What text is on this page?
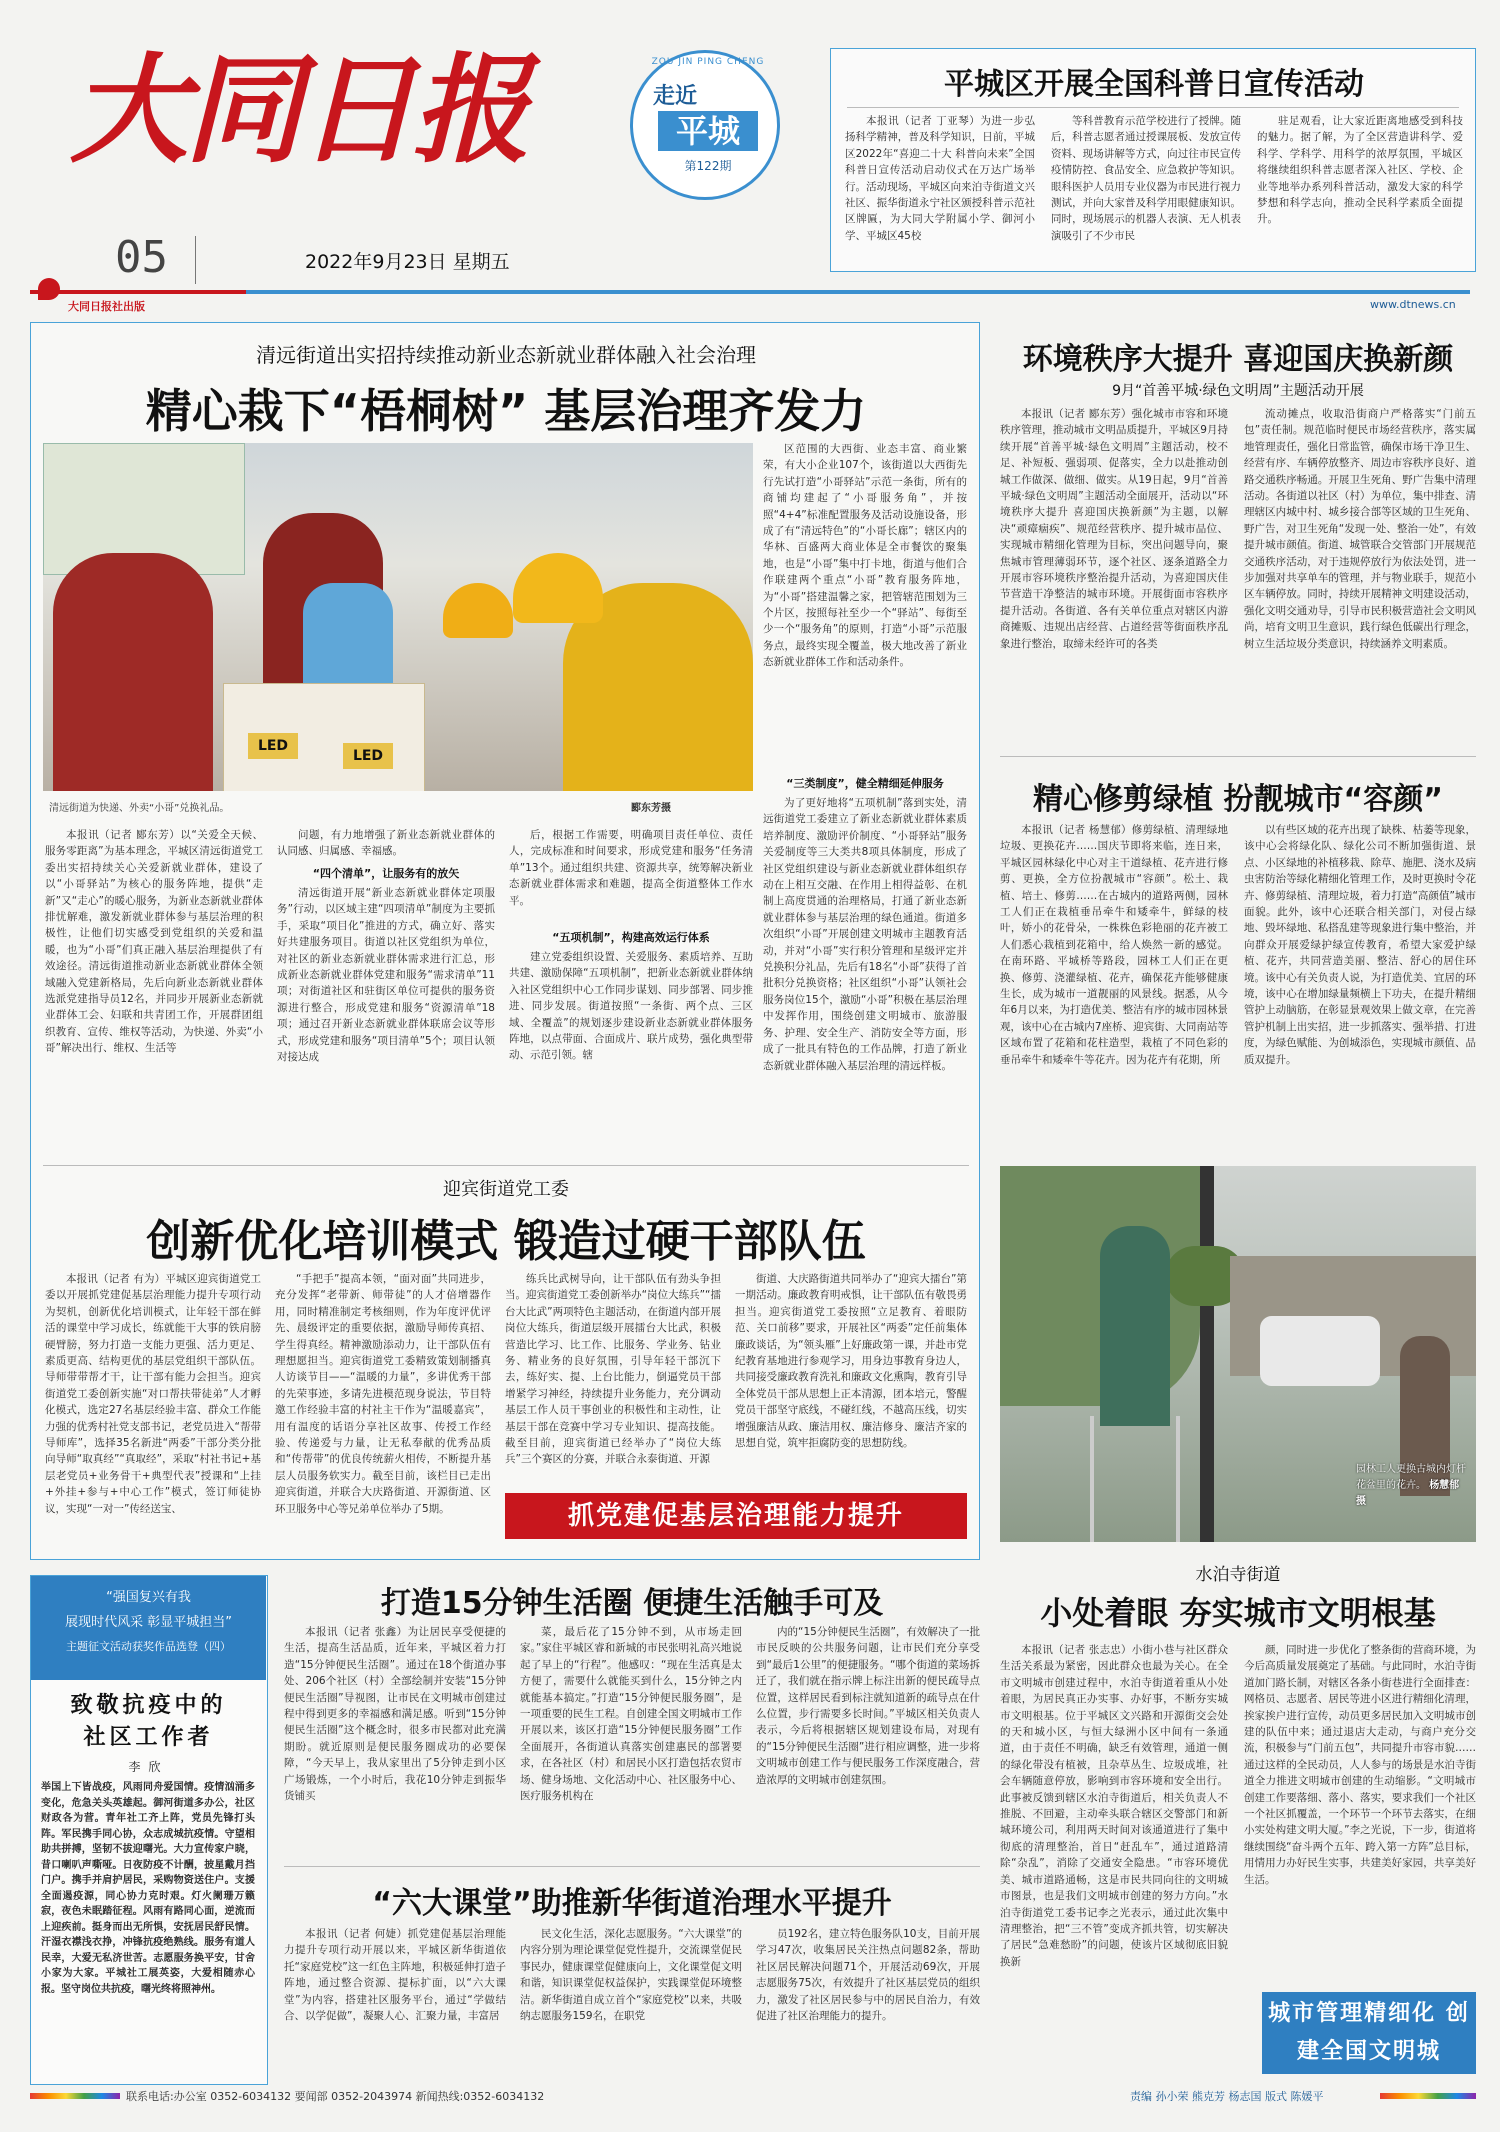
大同日报
05	2022年9月23日 星期五
ZOU JIN PING CHENG
走近
平城
第122期
大同日报社出版	www.dtnews.cn
平城区开展全国科普日宣传活动

本报讯（记者 丁亚琴）为进一步弘扬科学精神，普及科学知识，日前，平城区2022年“喜迎二十大 科普向未来”全国科普日宣传活动启动仪式在万达广场举行。活动现场，平城区向来泊寺街道文兴社区、振华街道永宁社区颁授科普示范社区牌匾，为大同大学附属小学、御河小学、平城区45校

等科普教育示范学校进行了授牌。随后，科普志愿者通过授课展板、发放宣传资料、现场讲解等方式，向过往市民宣传疫情防控、食品安全、应急救护等知识。眼科医护人员用专业仪器为市民进行视力测试，并向大家普及科学用眼健康知识。同时，现场展示的机器人表演、无人机表演吸引了不少市民

驻足观看，让大家近距离地感受到科技的魅力。据了解，为了全区营造讲科学、爱科学、学科学、用科学的浓厚氛围，平城区将继续组织科普志愿者深入社区、学校、企业等地举办系列科普活动，激发大家的科学梦想和科学志向，推动全民科学素质全面提升。

清远街道出实招持续推动新业态新就业群体融入社会治理
精心栽下“梧桐树” 基层治理齐发力
LED
LED
清远街道为快递、外卖“小哥”兑换礼品。	郾东芳摄

区范围的大西街、业态丰富、商业繁荣，有大小企业107个，该街道以大西街先行先试打造“小哥驿站”示范一条街，所有的商铺均建起了“小哥服务角”，并按照“4+4”标准配置服务及活动设施设备，形成了有“清远特色”的“小哥长廊”；辖区内的华林、百盛两大商业体是全市餐饮的聚集地，也是“小哥”集中打卡地，街道与他们合作联建两个重点“小哥”教育服务阵地，为“小哥”搭建温馨之家，把管辖范围划为三个片区，按照每社至少一个“驿站”、每街至少一个“服务角”的原则，打造“小哥”示范服务点，最终实现全覆盖，极大地改善了新业态新就业群体工作和活动条件。

“三类制度”，健全精细延伸服务

为了更好地将“五项机制”落到实处，清远街道党工委建立了新业态新就业群体素质培养制度、激励评价制度、“小哥驿站”服务关爱制度等三大类共8项具体制度，形成了社区党组织建设与新业态新就业群体组织存动在上相互交融、在作用上相得益彰、在机制上高度贯通的治理格局，打通了新业态新就业群体参与基层治理的绿色通道。街道多次组织“小哥”开展创建文明城市主题教育活动，并对“小哥”实行积分管理和星级评定并兑换积分礼品，先后有18名“小哥”获得了首批积分兑换资格；社区组织“小哥”认领社会服务岗位15个，激励“小哥”积极在基层治理中发挥作用，围绕创建文明城市、旅游服务、护理、安全生产、消防安全等方面，形成了一批具有特色的工作品牌，打造了新业态新就业群体融入基层治理的清远样板。

本报讯（记者 郾东芳）以“关爱全天候、服务零距离”为基本理念，平城区清远街道党工委出实招持续关心关爱新就业群体，建设了以“小哥驿站”为核心的服务阵地，提供“走新”又“走心”的暖心服务，为新业态新就业群体排忧解难，激发新就业群体参与基层治理的积极性，让他们切实感受到党组织的关爱和温暖，也为“小哥”们真正融入基层治理提供了有效途径。清远街道推动新业态新就业群体全领域融入党建新格局，先后向新业态新就业群体选派党建指导员12名，并同步开展新业态新就业群体工会、妇联和共青团工作，开展群团组织教育、宣传、维权等活动，为快递、外卖“小哥”解决出行、维权、生活等

问题，有力地增强了新业态新就业群体的认同感、归属感、幸福感。

“四个清单”，让服务有的放矢

清远街道开展“新业态新就业群体定项服务”行动，以区域主建“四项清单”制度为主要抓手，采取“项目化”推进的方式，确立好、落实好共建服务项目。街道以社区党组织为单位，对社区的新业态新就业群体需求进行汇总，形成新业态新就业群体党建和服务“需求清单”11项；对街道社区和驻街区单位可提供的服务资源进行整合，形成党建和服务“资源清单”18项；通过召开新业态新就业群体联席会议等形式，形成党建和服务“项目清单”5个；项目认领对接达成

后，根据工作需要，明确项目责任单位、责任人，完成标准和时间要求，形成党建和服务“任务清单”13个。通过组织共建、资源共享，统筹解决新业态新就业群体需求和难题，提高全街道整体工作水平。

“五项机制”，构建高效运行体系

建立党委组织设置、关爱服务、素质培养、互助共建、激励保障“五项机制”，把新业态新就业群体纳入社区党组织中心工作同步谋划、同步部署、同步推进、同步发展。街道按照“一条街、两个点、三区域、全覆盖”的规划逐步建设新业态新就业群体服务阵地，以点带面、合面成片、联片成势，强化典型带动、示范引领。辖

迎宾街道党工委
创新优化培训模式 锻造过硬干部队伍

本报讯（记者 有为）平城区迎宾街道党工委以开展抓党建促基层治理能力提升专项行动为契机，创新优化培训模式，让年轻干部在鲜活的课堂中学习成长，练就能干大事的铁肩膀硬臂膀，努力打造一支能力更强、活力更足、素质更高、结构更优的基层党组织干部队伍。导师带带帮才干，让干部有能力会担当。迎宾街道党工委创新实施“对口帮扶带徒弟”人才孵化模式，选定27名基层经验丰富、群众工作能力强的优秀村社党支部书记，老党员进入“帮带导师库”，选择35名新进“两委”干部分类分批向导师“取真经”“真取经”，采取“村社书记+基层老党员+业务骨干+典型代表”授课和“上挂+外挂+参与+中心工作”模式，签订师徒协议，实现“一对一”传经送宝、

“手把手”提高本领，“面对面”共同进步，充分发挥“老带新、师带徒”的人才倍增器作用，同时精准制定考核细则，作为年度评优评先、晨级评定的重要依据，激励导师传真招、学生得真经。精神激励添动力，让干部队伍有理想愿担当。迎宾街道党工委精致策划制播真人访谈节目——“温暖的力量”，多讲优秀干部的先荣事迹，多请先进模范现身说法，节目特邀工作经验丰富的村社主干作为“温暖嘉宾”，用有温度的话语分享社区故事、传授工作经验、传递爱与力量，让无私奉献的优秀品质和“传帮带”的优良传统薪火相传，不断提升基层人员服务软实力。截至目前，该栏目已走出迎宾街道，并联合大庆路街道、开源街道、区环卫服务中心等兄弟单位举办了5期。

练兵比武树导向，让干部队伍有劲头争担当。迎宾街道党工委创新举办“岗位大练兵”“擂台大比武”两项特色主题活动，在街道内部开展岗位大练兵，街道层级开展擂台大比武，积极营造比学习、比工作、比服务、学业务、钻业务、精业务的良好氛围，引导年轻干部沉下去，练好实、提、上台比能力，倒逼党员干部增紧学习神经，持续提升业务能力，充分调动基层工作人员干事创业的积极性和主动性，让基层干部在竞赛中学习专业知识、提高技能。截至目前，迎宾街道已经举办了“岗位大练兵”三个赛区的分赛，并联合永泰街道、开源

街道、大庆路街道共同举办了“迎宾大擂台”第一期活动。廉政教育明戒惧，让干部队伍有敬畏勇担当。迎宾街道党工委按照“立足教育、着眼防范、关口前移”要求，开展社区“两委”定任前集体廉政谈话，为“领头雁”上好廉政第一课，并赴市党纪教育基地进行参观学习，用身边事教育身边人，共同接受廉政教育洗礼和廉政文化熏陶，教育引导全体党员干部从思想上正本清源，团本培元，警醒党员干部坚守底线，不碰红线，不越高压线，切实增强廉洁从政、廉洁用权、廉洁修身、廉洁齐家的思想自觉，筑牢拒腐防变的思想防线。

抓党建促基层治理能力提升
环境秩序大提升 喜迎国庆换新颜
9月“首善平城·绿色文明周”主题活动开展

本报讯（记者 郾东芳）强化城市市容和环境秩序管理，推动城市文明品质提升，平城区9月持续开展“首善平城·绿色文明周”主题活动，校不足、补短板、强弱项、促落实，全力以赴推动创城工作做深、做细、做实。从19日起，9月“首善平城·绿色文明周”主题活动全面展开，活动以“环境秩序大提升 喜迎国庆换新颜”为主题，以解决“顽瘴痼疾”、规范经营秩序、提升城市品位、实现城市精细化管理为目标，突出问题导向，聚焦城市管理薄弱环节，逐个社区、逐条道路全力开展市容环境秩序整治提升活动，为喜迎国庆佳节营造干净整洁的城市环境。开展街面市容秩序提升活动。各街道、各有关单位重点对辖区内游商摊贩、违规出店经营、占道经营等街面秩序乱象进行整治，取缔未经许可的各类

流动摊点，收取沿街商户严格落实“门前五包”责任制。规范临时便民市场经营秩序，落实属地管理责任，强化日常监管，确保市场干净卫生、经营有序、车辆停放整齐、周边市容秩序良好、道路交通秩序畅通。开展卫生死角、野广告集中清理活动。各街道以社区（村）为单位，集中排查、清理辖区内城中村、城乡接合部等区域的卫生死角、野广告，对卫生死角“发现一处、整治一处”，有效提升城市颜值。街道、城管联合交管部门开展规范交通秩序活动，对于违规停放行为依法处罚，进一步加强对共享单车的管理，并与物业联手，规范小区车辆停放。同时，持续开展精神文明建设活动，强化文明交通劝导，引导市民积极营造社会文明风尚，培育文明卫生意识，践行绿色低碳出行理念，树立生活垃圾分类意识，持续涵养文明素质。

精心修剪绿植 扮靓城市“容颜”

本报讯（记者 杨慧郁）修剪绿植、清理绿地垃圾、更换花卉……国庆节即将来临，连日来，平城区园林绿化中心对主干道绿植、花卉进行修剪、更换，全方位扮靓城市“容颜”。松土、栽植、培土、修剪……在古城内的道路两侧，园林工人们正在栽植垂吊牵牛和矮牵牛，鲜绿的枝叶，娇小的花骨朵，一株株色彩艳丽的花卉被工人们悉心栽植到花箱中，给人焕然一新的感觉。在南环路、平城桥等路段，园林工人们正在更换、修剪、浇灌绿植、花卉，确保花卉能够健康生长，成为城市一道靓丽的风景线。据悉，从今年6月以来，为打造优美、整洁有序的城市园林景观，该中心在古城内7座桥、迎宾街、大同南站等区域布置了花箱和花柱造型，栽植了不同色彩的垂吊牵牛和矮牵牛等花卉。因为花卉有花期，所

以有些区域的花卉出现了缺株、枯萎等现象，该中心会将绿化队、绿化公司不断加强街道、景点、小区绿地的补植移栽、除草、施肥、浇水及病虫害防治等绿化精细化管理工作，及时更换时令花卉、修剪绿植、清理垃圾，着力打造“高颜值”城市面貌。此外，该中心还联合相关部门，对侵占绿地、毁坏绿地、私搭乱建等现象进行集中整治，并向群众开展爱绿护绿宣传教育，希望大家爱护绿植、花卉，共同营造美丽、整洁、舒心的居住环境。该中心有关负责人说，为打造优美、宜居的环境，该中心在增加绿量频横上下功夫，在提升精细管护上动脑筋，在彰显景观效果上做文章，在完善管护机制上出实招，进一步抓落实、强举措、打进度，为绿色赋能、为创城添色，实现城市颜值、品质双提升。

园林工人更换古城内灯杆花盆里的花卉。 杨慧郁摄
“强国复兴有我
展现时代风采 彰显平城担当”
主题征文活动获奖作品选登（四）
致敬抗疫中的
社区工作者
李欣

举国上下皆战疫，风雨同舟爱国情。疫情汹涌多变化，危急关头英雄起。御河街道多办公，社区财政各为营。青年社工齐上阵，党员先锋打头阵。军民携手同心协，众志成城抗疫情。守望相助共拼搏，坚韧不拔迎曙光。大力宣传家户晓，昔口喇叭声嘶哑。日夜防疫不计酬，披星戴月挡门户。携手并肩护居民，采购物资送住户。支援全面遏疫源，同心协力克时艰。灯火阑珊万籁寂，夜色未眠踏征程。风雨有路同心面，逆流而上迎疾前。挺身而出无所惧，安抚居民舒民情。汗湿衣襟浅衣挣，冲锋抗疫绝熟线。服务有道人民幸，大爱无私济世苦。志愿服务换平安，甘舍小家为大家。平城社工展英姿，大爱相随赤心报。坚守岗位共抗疫，曙光终将照神州。

打造15分钟生活圈 便捷生活触手可及

本报讯（记者 张鑫）为让居民享受便捷的生活，提高生活品质，近年来，平城区着力打造“15分钟便民生活圈”。通过在18个街道办事处、206个社区（村）全部绘制并安装“15分钟便民生活圈”导视图，让市民在文明城市创建过程中得到更多的幸福感和满足感。听到“15分钟便民生活圈”这个概念时，很多市民都对此充满期盼。就近原则是便民服务圈成功的必要保障，“今天早上，我从家里出了5分钟走到小区广场锻炼，一个小时后，我花10分钟走到振华货铺买

菜，最后花了15分钟不到，从市场走回家。”家住平城区睿和新城的市民张明礼高兴地说起了早上的“行程”。他感叹：“现在生活真是太方便了，需要什么就能买到什么，15分钟之内就能基本搞定。”打造“15分钟便民服务圈”，是一项重要的民生工程。自创建全国文明城市工作开展以来，该区打造“15分钟便民服务圈”工作全面展开，各街道认真落实创建惠民的部署要求，在各社区（村）和居民小区打造包括农贸市场、健身场地、文化活动中心、社区服务中心、医疗服务机构在

内的“15分钟便民生活圈”，有效解决了一批市民反映的公共服务问题，让市民们充分享受到“最后1公里”的便捷服务。“哪个街道的菜场拆迁了，我们就在指示牌上标注出新的便民疏导点位置，这样居民看到标注就知道新的疏导点在什么位置，步行需要多长时间。”平城区相关负责人表示，今后将根据辖区规划建设布局，对现有的“15分钟便民生活圈”进行相应调整，进一步将文明城市创建工作与便民服务工作深度融合，营造浓厚的文明城市创建氛围。

“六大课堂”助推新华街道治理水平提升

本报讯（记者 何婕）抓党建促基层治理能力提升专项行动开展以来，平城区新华街道依托“家庭党校”这一红色主阵地，积极延伸打造子阵地，通过整合资源、提标扩面，以“六大课堂”为内容，搭建社区服务平台，通过“学做结合、以学促做”，凝聚人心、汇聚力量，丰富居

民文化生活，深化志愿服务。“六大课堂”的内容分别为理论课堂促党性提升，交流课堂促民事民办，健康课堂促健康向上，文化课堂促文明和谐，知识课堂促权益保护，实践课堂促环境整洁。新华街道自成立首个“家庭党校”以来，共吸纳志愿服务159名，在职党

员192名，建立特色服务队10支，目前开展学习47次，收集居民关注热点问题82条，帮助社区居民解决问题71个，开展活动69次，开展志愿服务75次，有效提升了社区基层党员的组织力，激发了社区居民参与中的居民自治力，有效促进了社区治理能力的提升。

水泊寺街道
小处着眼 夯实城市文明根基

本报讯（记者 张志忠）小街小巷与社区群众生活关系最为紧密，因此群众也最为关心。在全市文明城市创建过程中，水泊寺街道着重从小处着眼，为居民真正办实事、办好事，不断夯实城市文明根基。位于平城区文兴路和开源街交会处的天和城小区，与恒大绿洲小区中间有一条通道，由于责任不明确，缺乏有效管理，通道一侧的绿化带没有植被，且杂草丛生、垃圾成堆，社会车辆随意停放，影响到市容环境和安全出行。此事被反馈到辖区水泊寺街道后，相关负责人不推脱、不回避，主动牵头联合辖区交警部门和新城环境公司，利用两天时间对该通道进行了集中彻底的清理整治，首日“赶乱车”，通过道路清除“杂乱”，消除了交通安全隐患。“市容环境优美、城市道路通畅，这是市民共同向往的文明城市图景，也是我们文明城市创建的努力方向。”水泊寺街道党工委书记李之光表示，通过此次集中清理整治，把“三不管”变成齐抓共管，切实解决了居民“急难愁盼”的问题，使该片区域彻底旧貌换新

颜，同时进一步优化了整条街的营商环境，为今后高质量发展奠定了基础。与此同时，水泊寺街道加门路长制，对辖区各条小街巷进行全面排查：网格员、志愿者、居民等进小区进行精细化清理，挨家挨户进行宣传，动员更多居民加入文明城市创建的队伍中来；通过退店大走动，与商户充分交流，积极参与“门前五包”，共同提升市容市貌……通过这样的全民动员，人人参与的场景是水泊寺街道全力推进文明城市创建的生动缩影。“文明城市创建工作要落细、落小、落实，要求我们一个社区一个社区抓覆盖，一个环节一个环节去落实，在细小实处构建文明大厦。”李之光说，下一步，街道将继续围绕“奋斗两个五年、跨入第一方阵”总目标，用情用力办好民生实事，共建美好家园，共享美好生活。

城市管理精细化 创建全国文明城
联系电话:办公室 0352-6034132 要闻部 0352-2043974 新闻热线:0352-6034132	责编 孙小荣 熊克芳 杨志国 版式 陈媛平
